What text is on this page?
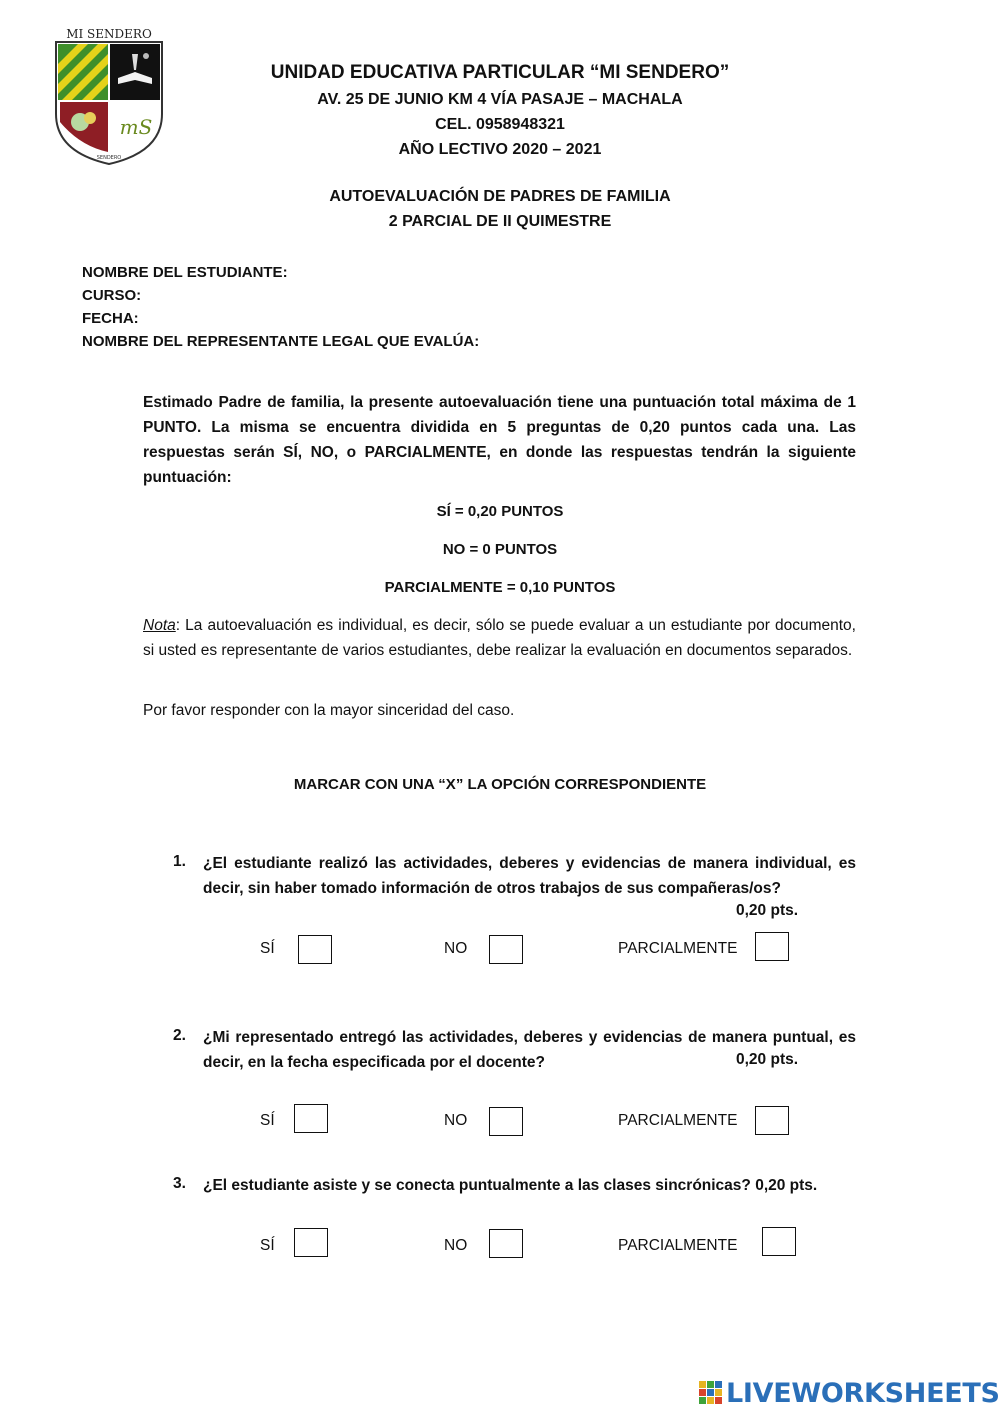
MI SENDERO
mS
SENDERO
UNIDAD EDUCATIVA PARTICULAR “MI SENDERO”
AV. 25 DE JUNIO KM 4 VÍA PASAJE – MACHALA
CEL. 0958948321
AÑO LECTIVO 2020 – 2021
AUTOEVALUACIÓN DE PADRES DE FAMILIA
2 PARCIAL DE II QUIMESTRE
NOMBRE DEL ESTUDIANTE:
CURSO:
FECHA:
NOMBRE DEL REPRESENTANTE LEGAL QUE EVALÚA:
Estimado Padre de familia, la presente autoevaluación tiene una puntuación total máxima de 1 PUNTO. La misma se encuentra dividida en 5 preguntas de 0,20 puntos cada una. Las respuestas serán SÍ, NO, o PARCIALMENTE, en donde las respuestas tendrán la siguiente puntuación:
SÍ = 0,20 PUNTOS
NO = 0 PUNTOS
PARCIALMENTE = 0,10 PUNTOS
Nota: La autoevaluación es individual, es decir, sólo se puede evaluar a un estudiante por documento, si usted es representante de varios estudiantes, debe realizar la evaluación en documentos separados.
Por favor responder con la mayor sinceridad del caso.
MARCAR CON UNA “X” LA OPCIÓN CORRESPONDIENTE
1. ¿El estudiante realizó las actividades, deberes y evidencias de manera individual, es decir, sin haber tomado información de otros trabajos de sus compañeras/os?
0,20 pts.
SÍ	NO	PARCIALMENTE
2. ¿Mi representado entregó las actividades, deberes y evidencias de manera puntual, es decir, en la fecha especificada por el docente?	0,20 pts.
SÍ	NO	PARCIALMENTE
3. ¿El estudiante asiste y se conecta puntualmente a las clases sincrónicas? 0,20 pts.
SÍ	NO	PARCIALMENTE
LIVEWORKSHEETS
